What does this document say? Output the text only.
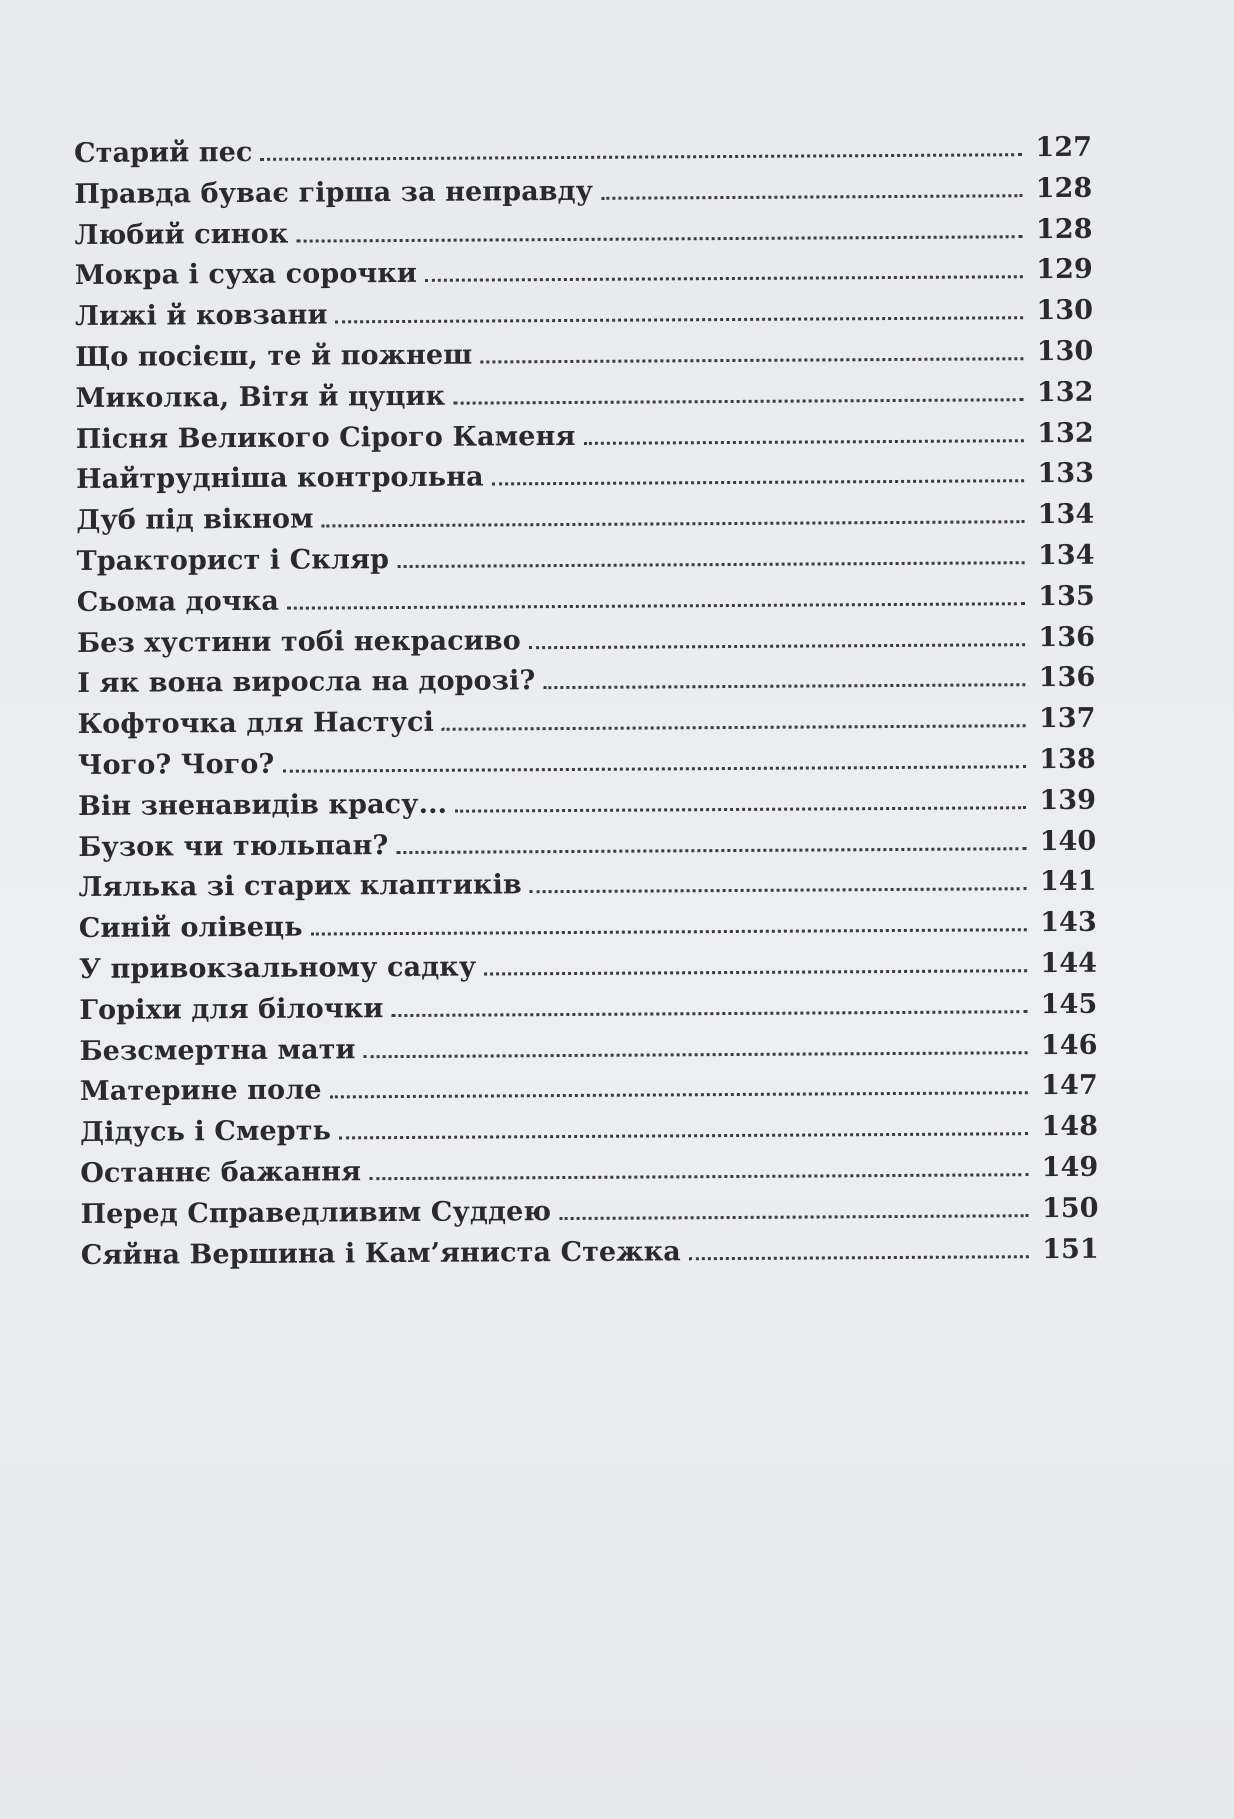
Старий пес	127
Правда буває гірша за неправду	128
Любий синок	128
Мокра і суха сорочки	129
Лижі й ковзани	130
Що посієш, те й пожнеш	130
Миколка, Вітя й цуцик	132
Пісня Великого Сірого Каменя	132
Найтрудніша контрольна	133
Дуб під вікном	134
Тракторист і Скляр	134
Сьома дочка	135
Без хустини тобі некрасиво	136
І як вона виросла на дорозі?	136
Кофточка для Настусі	137
Чого? Чого?	138
Він зненавидів красу...	139
Бузок чи тюльпан?	140
Лялька зі старих клаптиків	141
Синій олівець	143
У привокзальному садку	144
Горіхи для білочки	145
Безсмертна мати	146
Материне поле	147
Дідусь і Смерть	148
Останнє бажання	149
Перед Справедливим Суддею	150
Сяйна Вершина і Кам’яниста Стежка	151
